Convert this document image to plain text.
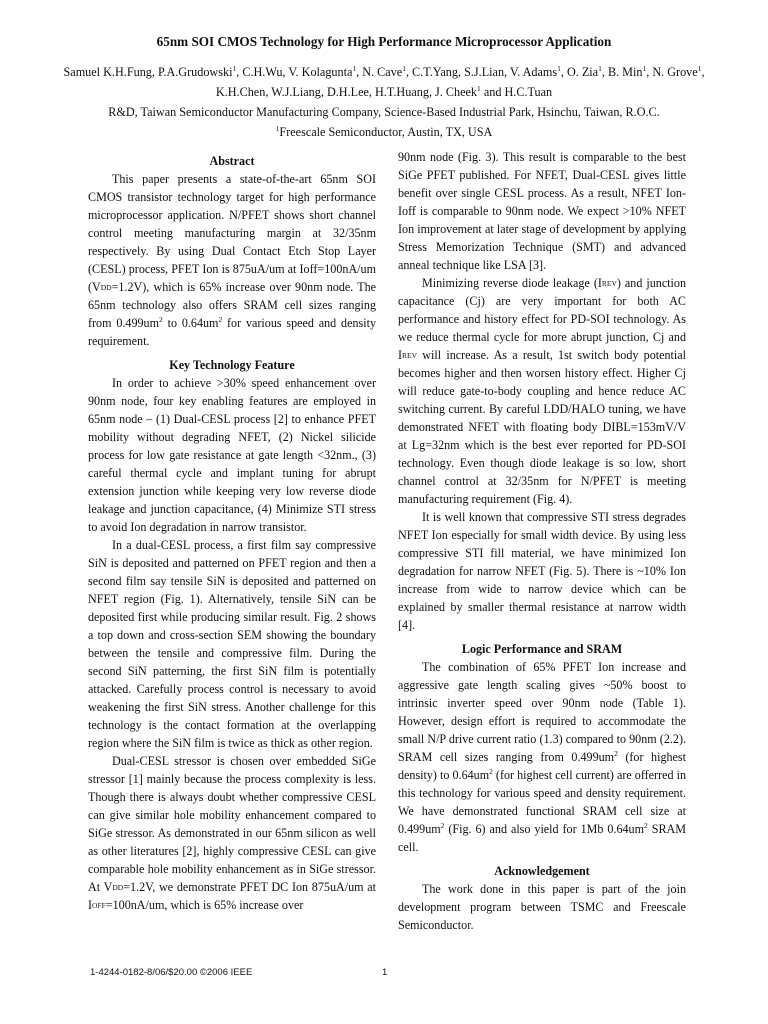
65nm SOI CMOS Technology for High Performance Microprocessor Application
Samuel K.H.Fung, P.A.Grudowski$^1$, C.H.Wu, V. Kolagunta$^1$, N. Cave$^1$, C.T.Yang, S.J.Lian, V. Adams$^1$, O. Zia$^1$, B. Min$^1$, N. Grove$^1$, K.H.Chen, W.J.Liang, D.H.Lee, H.T.Huang, J. Cheek$^1$ and H.C.Tuan
R&D, Taiwan Semiconductor Manufacturing Company, Science-Based Industrial Park, Hsinchu, Taiwan, R.O.C.
$^1$Freescale Semiconductor, Austin, TX, USA
Abstract

This paper presents a state-of-the-art 65nm SOI CMOS transistor technology target for high performance microprocessor application. N/PFET shows short channel control meeting manufacturing margin at 32/35nm respectively. By using Dual Contact Etch Stop Layer (CESL) process, PFET Ion is 875uA/um at Ioff=100nA/um $(V_{DD}=1.2V)$, which is 65% increase over 90nm node. The 65nm technology also offers SRAM cell sizes ranging from $0.499um^2$ to $0.64um^2$ for various speed and density requirement.

Key Technology Feature

In order to achieve >30% speed enhancement over 90nm node, four key enabling features are employed in 65nm node – (1) Dual-CESL process [2] to enhance PFET mobility without degrading NFET, (2) Nickel silicide process for low gate resistance at gate length <32nm., (3) careful thermal cycle and implant tuning for abrupt extension junction while keeping very low reverse diode leakage and junction capacitance, (4) Minimize STI stress to avoid Ion degradation in narrow transistor.

In a dual-CESL process, a first film say compressive SiN is deposited and patterned on PFET region and then a second film say tensile SiN is deposited and patterned on NFET region (Fig. 1). Alternatively, tensile SiN can be deposited first while producing similar result. Fig. 2 shows a top down and cross-section SEM showing the boundary between the tensile and compressive film. During the second SiN patterning, the first SiN film is potentially attacked. Carefully process control is necessary to avoid weakening the first SiN stress. Another challenge for this technology is the contact formation at the overlapping region where the SiN film is twice as thick as other region.

Dual-CESL stressor is chosen over embedded SiGe stressor [1] mainly because the process complexity is less. Though there is always doubt whether compressive CESL can give similar hole mobility enhancement compared to SiGe stressor. As demonstrated in our 65nm silicon as well as other literatures [2], highly compressive CESL can give comparable hole mobility enhancement as in SiGe stressor. At $V_{DD}=1.2V$, we demonstrate PFET DC Ion 875uA/um at $I_{OFF}=100nA/um$, which is 65% increase over

90nm node (Fig. 3). This result is comparable to the best SiGe PFET published. For NFET, Dual-CESL gives little benefit over single CESL process. As a result, NFET Ion-Ioff is comparable to 90nm node. We expect >10% NFET Ion improvement at later stage of development by applying Stress Memorization Technique (SMT) and advanced anneal technique like LSA [3].

Minimizing reverse diode leakage $(I_{REV})$ and junction capacitance (Cj) are very important for both AC performance and history effect for PD-SOI technology. As we reduce thermal cycle for more abrupt junction, Cj and $I_{REV}$ will increase. As a result, 1st switch body potential becomes higher and then worsen history effect. Higher Cj will reduce gate-to-body coupling and hence reduce AC switching current. By careful LDD/HALO tuning, we have demonstrated NFET with floating body DIBL=153mV/V at Lg=32nm which is the best ever reported for PD-SOI technology. Even though diode leakage is so low, short channel control at 32/35nm for N/PFET is meeting manufacturing requirement (Fig. 4).

It is well known that compressive STI stress degrades NFET Ion especially for small width device. By using less compressive STI fill material, we have minimized Ion degradation for narrow NFET (Fig. 5). There is ~10% Ion increase from wide to narrow device which can be explained by smaller thermal resistance at narrow width [4].

Logic Performance and SRAM

The combination of 65% PFET Ion increase and aggressive gate length scaling gives ~50% boost to intrinsic inverter speed over 90nm node (Table 1). However, design effort is required to accommodate the small N/P drive current ratio (1.3) compared to 90nm (2.2). SRAM cell sizes ranging from $0.499um^2$ (for highest density) to $0.64um^2$ (for highest cell current) are offerred in this technology for various speed and density requirement. We have demonstrated functional SRAM cell size at $0.499um^2$ (Fig. 6) and also yield for 1Mb $0.64um^2$ SRAM cell.

Acknowledgement

The work done in this paper is part of the join development program between TSMC and Freescale Semiconductor.

1-4244-0182-8/06/$20.00 ©2006 IEEE	1
